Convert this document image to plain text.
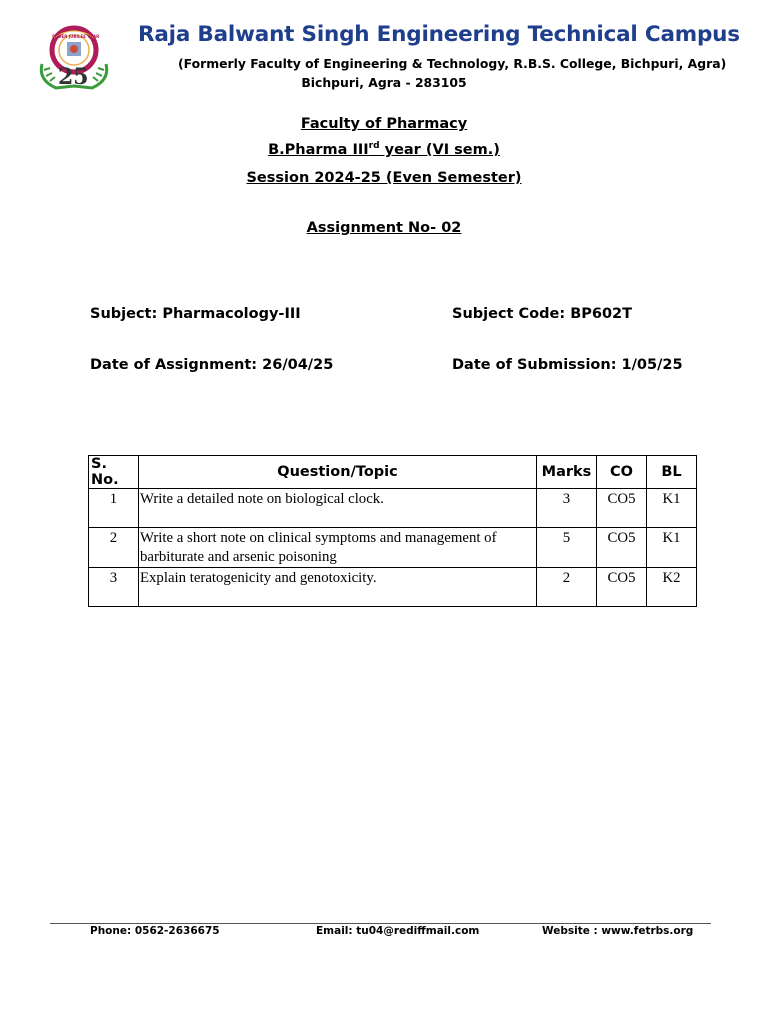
25
SILVER JUBILEE YEAR Raja Balwant Singh Engineering Technical Campus
(Formerly Faculty of Engineering & Technology, R.B.S. College, Bichpuri, Agra)
Bichpuri, Agra - 283105
Faculty of Pharmacy
B.Pharma IIIrd year (VI sem.)
Session 2024-25 (Even Semester)
Assignment No- 02
Subject: Pharmacology-III	Subject Code: BP602T
Date of Assignment: 26/04/25	Date of Submission: 1/05/25
S. No.	Question/Topic	Marks	CO	BL
1	Write a detailed note on biological clock.	3	CO5	K1
2	Write a short note on clinical symptoms and management of barbiturate and arsenic poisoning	5	CO5	K1
3	Explain teratogenicity and genotoxicity.	2	CO5	K2
Phone: 0562-2636675	Email: tu04@rediffmail.com	Website : www.fetrbs.org
